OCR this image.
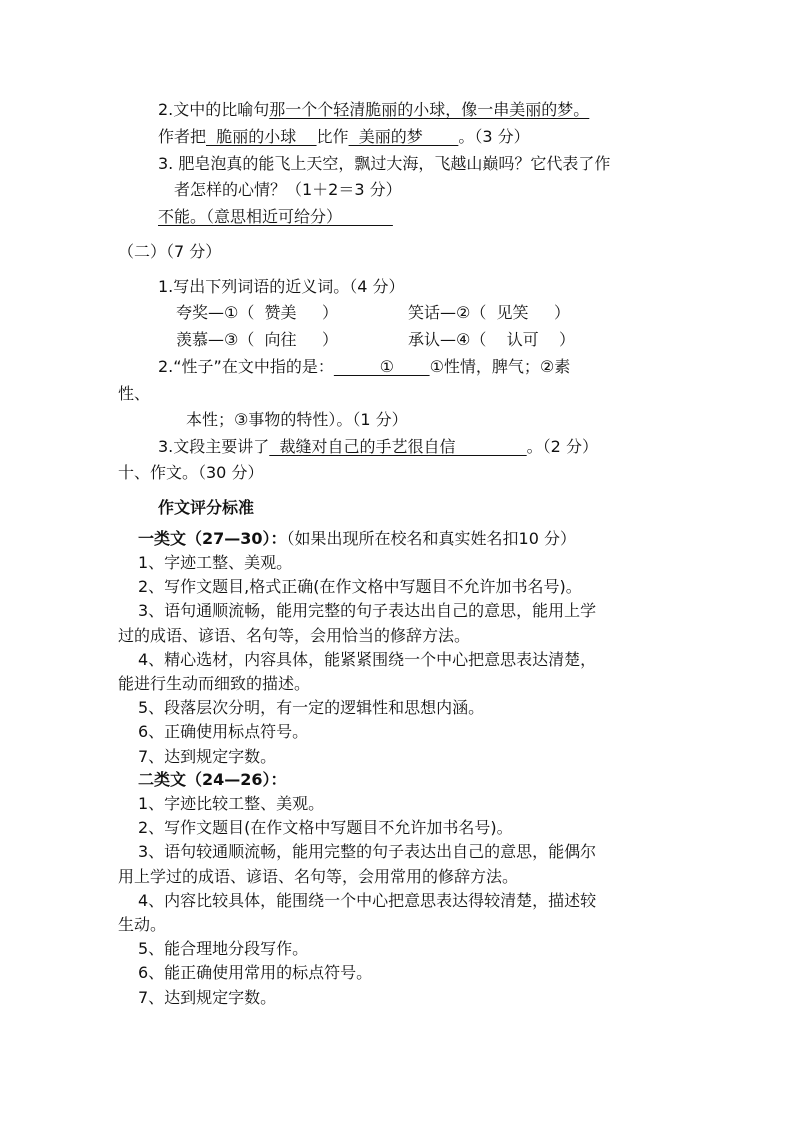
2.文中的比喻句那一个个轻清脆丽的小球，像一串美丽的梦。
作者把  脆丽的小球    比作  美丽的梦       。（3 分）
3. 肥皂泡真的能飞上天空，飘过大海，飞越山巅吗？它代表了作
者怎样的心情？（1＋2＝3 分）
不能。（意思相近可给分）
（二）（7 分）
1.写出下列词语的近义词。（4 分）
夸奖—①（  赞美     ）	笑话—②（  见笑     ）
羡慕—③（  向往     ）	承认—④（    认可    ）
2.“性子”在文中指的是：         ①       ①性情，脾气；②素
性、
本性；③事物的特性）。（1 分）
3.文段主要讲了  裁缝对自己的手艺很自信              。（2 分）
十、作文。（30 分）
作文评分标准
一类文（27—30）：（如果出现所在校名和真实姓名扣10 分）
1、字迹工整、美观。
2、写作文题目,格式正确(在作文格中写题目不允许加书名号)。
3、语句通顺流畅，能用完整的句子表达出自己的意思，能用上学
过的成语、谚语、名句等，会用恰当的修辞方法。
4、精心选材，内容具体，能紧紧围绕一个中心把意思表达清楚，
能进行生动而细致的描述。
5、段落层次分明，有一定的逻辑性和思想内涵。
6、正确使用标点符号。
7、达到规定字数。
二类文（24—26）：
1、字迹比较工整、美观。
2、写作文题目(在作文格中写题目不允许加书名号)。
3、语句较通顺流畅，能用完整的句子表达出自己的意思，能偶尔
用上学过的成语、谚语、名句等，会用常用的修辞方法。
4、内容比较具体，能围绕一个中心把意思表达得较清楚，描述较
生动。
5、能合理地分段写作。
6、能正确使用常用的标点符号。
7、达到规定字数。
